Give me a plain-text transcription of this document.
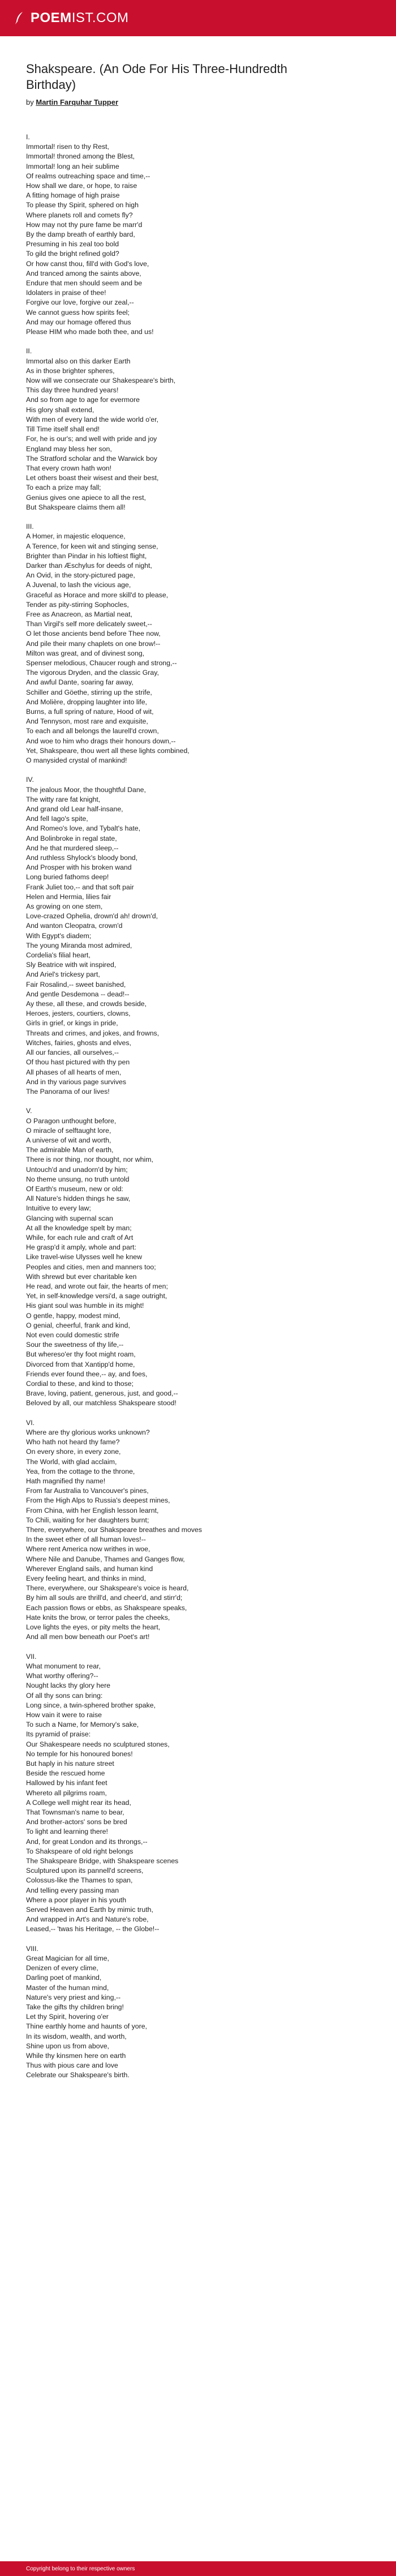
POEMIST.COM
Shakspeare. (An Ode For His Three-Hundredth Birthday)
by Martin Farquhar Tupper
I.
Immortal! risen to thy Rest,
Immortal! throned among the Blest,
Immortal! long an heir sublime
Of realms outreaching space and time,--
How shall we dare, or hope, to raise
A fitting homage of high praise
To please thy Spirit, sphered on high
Where planets roll and comets fly?
How may not thy pure fame be marr'd
By the damp breath of earthly bard,
Presuming in his zeal too bold
To gild the bright refined gold?
Or how canst thou, fill'd with God's love,
And tranced among the saints above,
Endure that men should seem and be
Idolaters in praise of thee!
Forgive our love, forgive our zeal,--
We cannot guess how spirits feel;
And may our homage offered thus
Please HIM who made both thee, and us!

II.
Immortal also on this darker Earth
As in those brighter spheres,
Now will we consecrate our Shakespeare's birth,
This day three hundred years!
And so from age to age for evermore
His glory shall extend,
With men of every land the wide world o'er,
Till Time itself shall end!
For, he is our's; and well with pride and joy
England may bless her son,
The Stratford scholar and the Warwick boy
That every crown hath won!
Let others boast their wisest and their best,
To each a prize may fall;
Genius gives one apiece to all the rest,
But Shakspeare claims them all!

III.
A Homer, in majestic eloquence,
A Terence, for keen wit and stinging sense,
Brighter than Pindar in his loftiest flight,
Darker than Æschylus for deeds of night,
An Ovid, in the story-pictured page,
A Juvenal, to lash the vicious age,
Graceful as Horace and more skill'd to please,
Tender as pity-stirring Sophocles,
Free as Anacreon, as Martial neat,
Than Virgil's self more delicately sweet,--
O let those ancients bend before Thee now,
And pile their many chaplets on one brow!--
Milton was great, and of divinest song,
Spenser melodious, Chaucer rough and strong,--
The vigorous Dryden, and the classic Gray,
And awful Dante, soaring far away,
Schiller and Göethe, stirring up the strife,
And Molière, dropping laughter into life,
Burns, a full spring of nature, Hood of wit,
And Tennyson, most rare and exquisite,
To each and all belongs the laurell'd crown,
And woe to him who drags their honours down,--
Yet, Shakspeare, thou wert all these lights combined,
O manysided crystal of mankind!

IV.
The jealous Moor, the thoughtful Dane,
The witty rare fat knight,
And grand old Lear half-insane,
And fell Iago's spite,
And Romeo's love, and Tybalt's hate,
And Bolinbroke in regal state,
And he that murdered sleep,--
And ruthless Shylock's bloody bond,
And Prosper with his broken wand
Long buried fathoms deep!
Frank Juliet too,-- and that soft pair
Helen and Hermia, lilies fair
As growing on one stem,
Love-crazed Ophelia, drown'd ah! drown'd,
And wanton Cleopatra, crown'd
With Egypt's diadem;
The young Miranda most admired,
Cordelia's filial heart,
Sly Beatrice with wit inspired,
And Ariel's trickesy part,
Fair Rosalind,-- sweet banished,
And gentle Desdemona -- dead!--
Ay these, all these, and crowds beside,
Heroes, jesters, courtiers, clowns,
Girls in grief, or kings in pride,
Threats and crimes, and jokes, and frowns,
Witches, fairies, ghosts and elves,
All our fancies, all ourselves,--
Of thou hast pictured with thy pen
All phases of all hearts of men,
And in thy various page survives
The Panorama of our lives!

V.
O Paragon unthought before,
O miracle of selftaught lore,
A universe of wit and worth,
The admirable Man of earth,
There is nor thing, nor thought, nor whim,
Untouch'd and unadorn'd by him;
No theme unsung, no truth untold
Of Earth's museum, new or old:
All Nature's hidden things he saw,
Intuitive to every law;
Glancing with supernal scan
At all the knowledge spelt by man;
While, for each rule and craft of Art
He grasp'd it amply, whole and part:
Like travel-wise Ulysses well he knew
Peoples and cities, men and manners too;
With shrewd but ever charitable ken
He read, and wrote out fair, the hearts of men;
Yet, in self-knowledge versi'd, a sage outright,
His giant soul was humble in its might!
O gentle, happy, modest mind,
O genial, cheerful, frank and kind,
Not even could domestic strife
Sour the sweetness of thy life,--
But whereso'er thy foot might roam,
Divorced from that Xantipp'd home,
Friends ever found thee,-- ay, and foes,
Cordial to these, and kind to those;
Brave, loving, patient, generous, just, and good,--
Beloved by all, our matchless Shakspeare stood!

VI.
Where are thy glorious works unknown?
Who hath not heard thy fame?
On every shore, in every zone,
The World, with glad acclaim,
Yea, from the cottage to the throne,
Hath magnified thy name!
From far Australia to Vancouver's pines,
From the High Alps to Russia's deepest mines,
From China, with her English lesson learnt,
To Chili, waiting for her daughters burnt;
There, everywhere, our Shakspeare breathes and moves
In the sweet ether of all human loves!--
Where rent America now writhes in woe,
Where Nile and Danube, Thames and Ganges flow,
Wherever England sails, and human kind
Every feeling heart, and thinks in mind,
There, everywhere, our Shakspeare's voice is heard,
By him all souls are thrill'd, and cheer'd, and stirr'd;
Each passion flows or ebbs, as Shakspeare speaks,
Hate knits the brow, or terror pales the cheeks,
Love lights the eyes, or pity melts the heart,
And all men bow beneath our Poet's art!

VII.
What monument to rear,
What worthy offering?--
Nought lacks thy glory here
Of all thy sons can bring:
Long since, a twin-sphered brother spake,
How vain it were to raise
To such a Name, for Memory's sake,
Its pyramid of praise:
Our Shakespeare needs no sculptured stones,
No temple for his honoured bones!
But haply in his nature street
Beside the rescued home
Hallowed by his infant feet
Whereto all pilgrims roam,
A College well might rear its head,
That Townsman's name to bear,
And brother-actors' sons be bred
To light and learning there!
And, for great London and its throngs,--
To Shakspeare of old right belongs
The Shakspeare Bridge, with Shakspeare scenes
Sculptured upon its pannell'd screens,
Colossus-like the Thames to span,
And telling every passing man
Where a poor player in his youth
Served Heaven and Earth by mimic truth,
And wrapped in Art's and Nature's robe,
Leased,-- 'twas his Heritage, -- the Globe!--

VIII.
Great Magician for all time,
Denizen of every clime,
Darling poet of mankind,
Master of the human mind,
Nature's very priest and king,--
Take the gifts thy children bring!
Let thy Spirit, hovering o'er
Thine earthly home and haunts of yore,
In its wisdom, wealth, and worth,
Shine upon us from above,
While thy kinsmen here on earth
Thus with pious care and love
Celebrate our Shakspeare's birth.
Copyright belong to their respective owners
